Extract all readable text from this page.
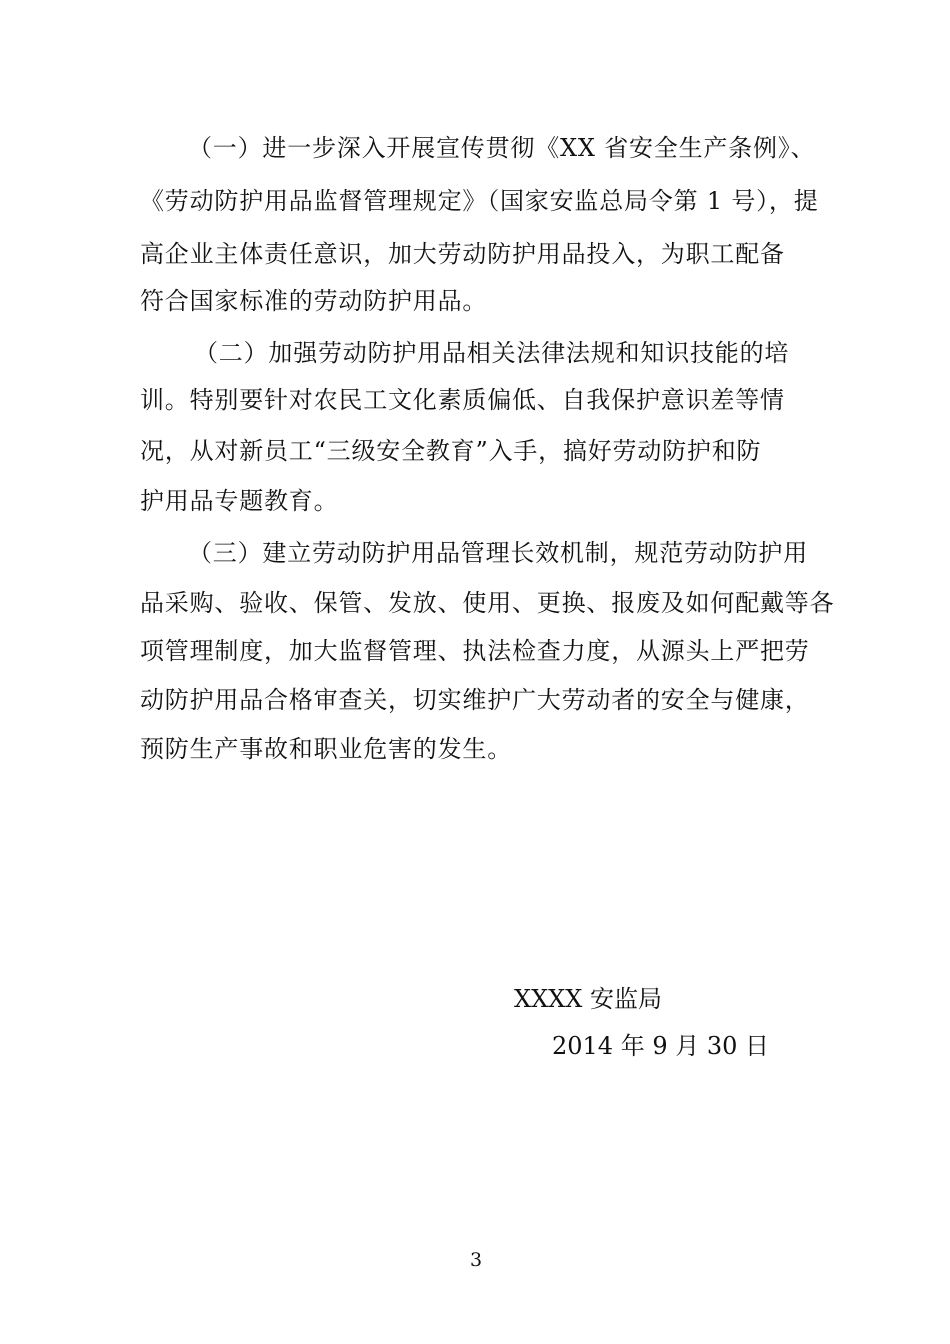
（一）进一步深入开展宣传贯彻《XX 省安全生产条例》、
《劳动防护用品监督管理规定》（国家安监总局令第 1 号），提
高企业主体责任意识，加大劳动防护用品投入，为职工配备
符合国家标准的劳动防护用品。
（二）加强劳动防护用品相关法律法规和知识技能的培
训。特别要针对农民工文化素质偏低、自我保护意识差等情
况，从对新员工“三级安全教育”入手，搞好劳动防护和防
护用品专题教育。
（三）建立劳动防护用品管理长效机制，规范劳动防护用
品采购、验收、保管、发放、使用、更换、报废及如何配戴等各
项管理制度，加大监督管理、执法检查力度，从源头上严把劳
动防护用品合格审查关，切实维护广大劳动者的安全与健康，
预防生产事故和职业危害的发生。
XXXX 安监局
2014 年 9 月 30 日
3
